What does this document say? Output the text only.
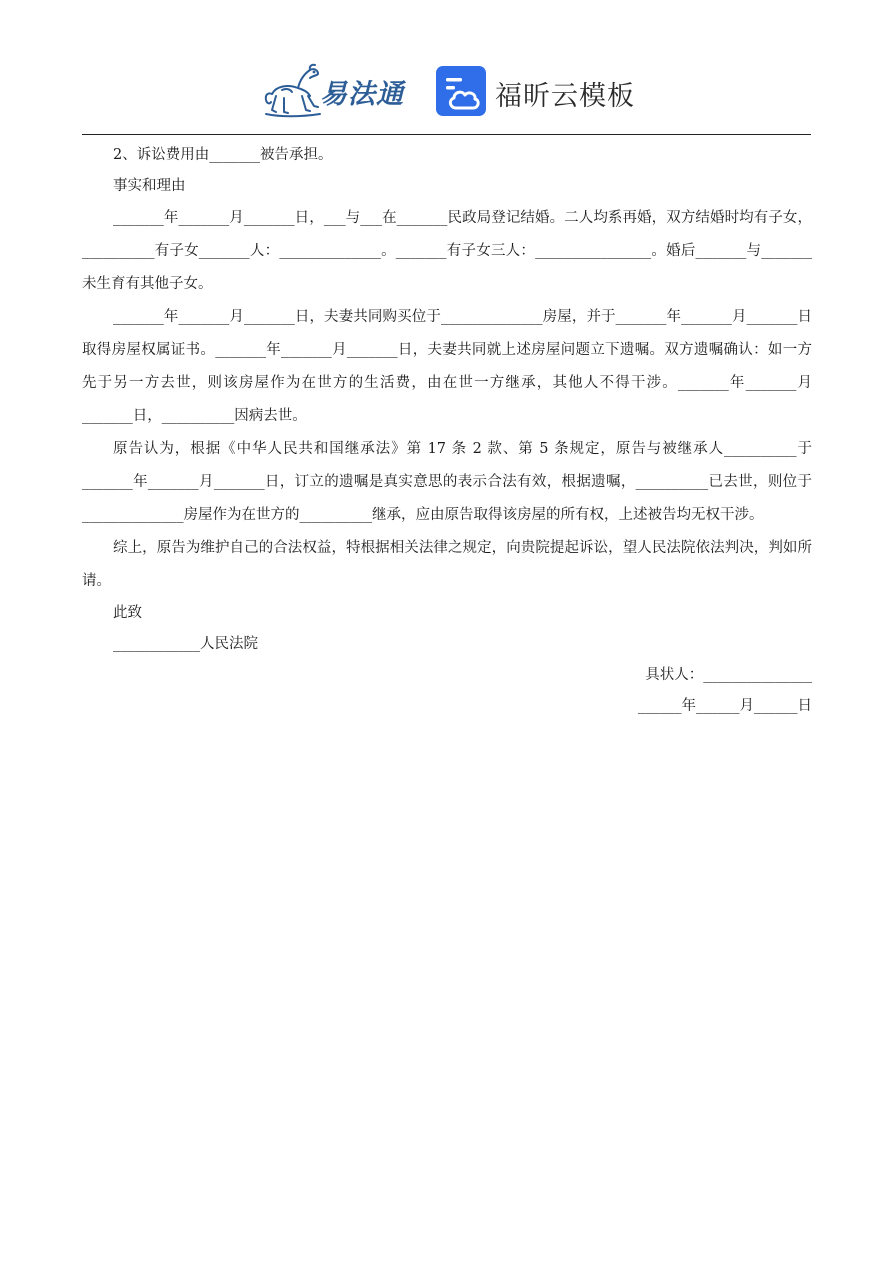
易法通	福昕云模板

2、诉讼费用由_______被告承担。

事实和理由

_______年_______月_______日，___与___在_______民政局登记结婚。二人均系再婚，双方结婚时均有子女，__________有子女_______人：______________。_______有子女三人：________________。婚后_______与_______未生育有其他子女。

_______年_______月_______日，夫妻共同购买位于______________房屋，并于_______年_______月_______日取得房屋权属证书。_______年_______月_______日，夫妻共同就上述房屋问题立下遗嘱。双方遗嘱确认：如一方先于另一方去世，则该房屋作为在世方的生活费，由在世一方继承，其他人不得干涉。_______年_______月_______日，__________因病去世。

原告认为，根据《中华人民共和国继承法》第 17 条 2 款、第 5 条规定，原告与被继承人__________于_______年_______月_______日，订立的遗嘱是真实意思的表示合法有效，根据遗嘱，__________已去世，则位于______________房屋作为在世方的__________继承，应由原告取得该房屋的所有权，上述被告均无权干涉。

综上，原告为维护自己的合法权益，特根据相关法律之规定，向贵院提起诉讼，望人民法院依法判决，判如所请。

此致

____________人民法院

具状人：_______________

______年______月______日
